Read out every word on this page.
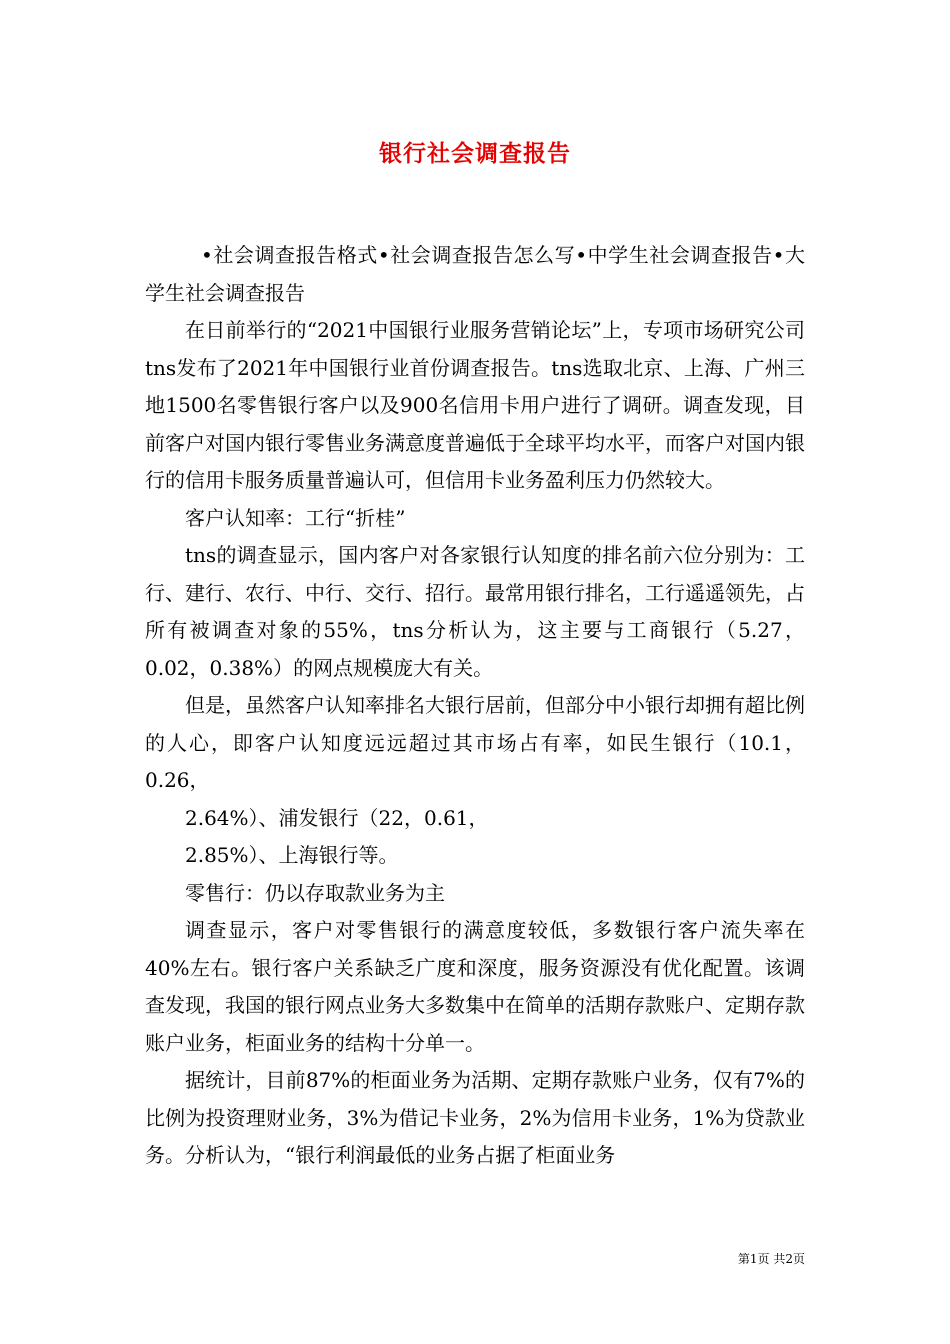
银行社会调查报告

•社会调查报告格式•社会调查报告怎么写•中学生社会调查报告•大学生社会调查报告

在日前举行的“2021中国银行业服务营销论坛”上，专项市场研究公司tns发布了2021年中国银行业首份调查报告。tns选取北京、上海、广州三地1500名零售银行客户以及900名信用卡用户进行了调研。调查发现，目前客户对国内银行零售业务满意度普遍低于全球平均水平，而客户对国内银行的信用卡服务质量普遍认可，但信用卡业务盈利压力仍然较大。

客户认知率：工行“折桂”

tns的调查显示，国内客户对各家银行认知度的排名前六位分别为：工行、建行、农行、中行、交行、招行。最常用银行排名，工行遥遥领先，占所有被调查对象的55%，tns分析认为，这主要与工商银行（5.27，0.02，0.38%）的网点规模庞大有关。

但是，虽然客户认知率排名大银行居前，但部分中小银行却拥有超比例的人心，即客户认知度远远超过其市场占有率，如民生银行（10.1，0.26，

2.64%）、浦发银行（22，0.61，

2.85%）、上海银行等。

零售行：仍以存取款业务为主

调查显示，客户对零售银行的满意度较低，多数银行客户流失率在40%左右。银行客户关系缺乏广度和深度，服务资源没有优化配置。该调查发现，我国的银行网点业务大多数集中在简单的活期存款账户、定期存款账户业务，柜面业务的结构十分单一。

据统计，目前87%的柜面业务为活期、定期存款账户业务，仅有7%的比例为投资理财业务，3%为借记卡业务，2%为信用卡业务，1%为贷款业务。分析认为，“银行利润最低的业务占据了柜面业务

第1页 共2页
